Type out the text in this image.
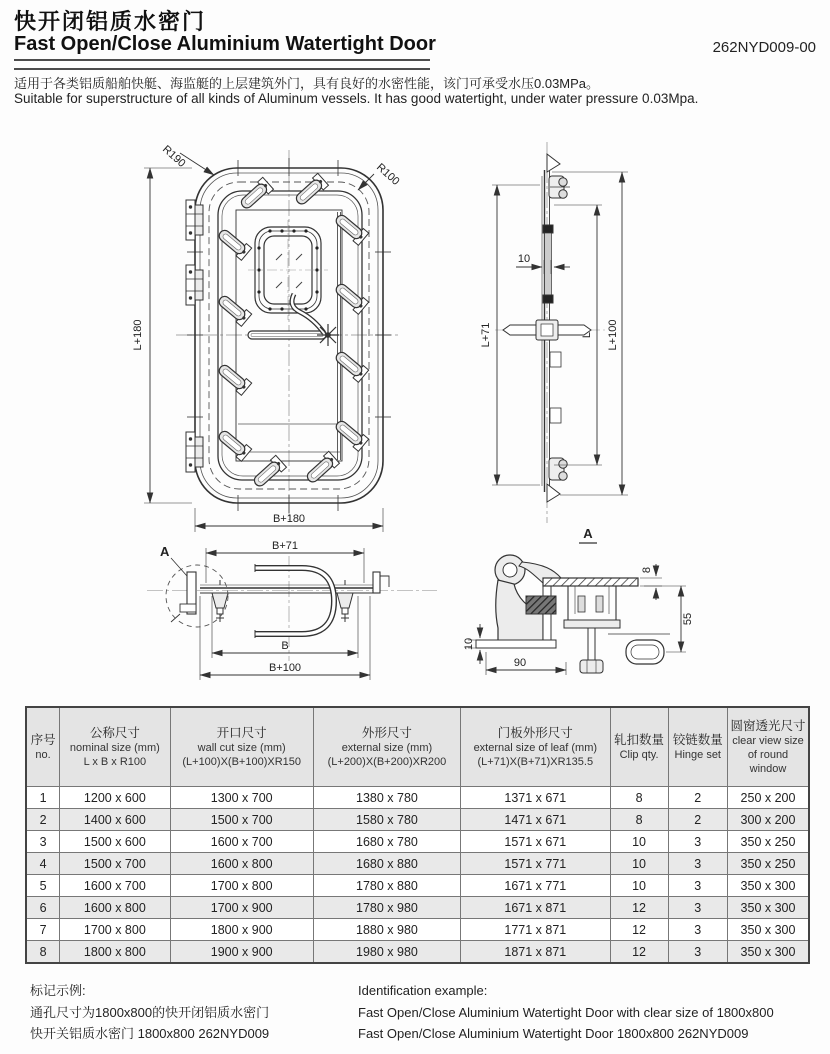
快开闭铝质水密门
Fast Open/Close Aluminium Watertight Door	262NYD009-00
适用于各类铝质船舶快艇、海监艇的上层建筑外门，具有良好的水密性能，该门可承受水压0.03MPa。
Suitable for superstructure of all kinds of Aluminum vessels. It has good watertight, under water pressure 0.03Mpa.
L+180
B+180
R190
R100
L+71	L L+100
10
A	B+71
B
B+100
A
8
55
10
90
序号
no.

公称尺寸
nominal size (mm)
L x B x R100

开口尺寸
wall cut size (mm)
(L+100)X(B+100)XR150

外形尺寸
external size (mm)
(L+200)X(B+200)XR200

门板外形尺寸
external size of leaf (mm)
(L+71)X(B+71)XR135.5

轧扣数量
Clip qty.

铰链数量
Hinge set

圆窗透光尺寸
clear view size of round window

1	1200 x 600	1300 x 700	1380 x 780	1371 x 671	8	2	250 x 200
2	1400 x 600	1500 x 700	1580 x 780	1471 x 671	8	2	300 x 200
3	1500 x 600	1600 x 700	1680 x 780	1571 x 671	10	3	350 x 250
4	1500 x 700	1600 x 800	1680 x 880	1571 x 771	10	3	350 x 250
5	1600 x 700	1700 x 800	1780 x 880	1671 x 771	10	3	350 x 300
6	1600 x 800	1700 x 900	1780 x 980	1671 x 871	12	3	350 x 300
7	1700 x 800	1800 x 900	1880 x 980	1771 x 871	12	3	350 x 300
8	1800 x 800	1900 x 900	1980 x 980	1871 x 871	12	3	350 x 300
标记示例:
通孔尺寸为1800x800的快开闭铝质水密门
快开关铝质水密门 1800x800 262NYD009
Identification example:
Fast Open/Close Aluminium Watertight Door with clear size of 1800x800
Fast Open/Close Aluminium Watertight Door 1800x800 262NYD009
